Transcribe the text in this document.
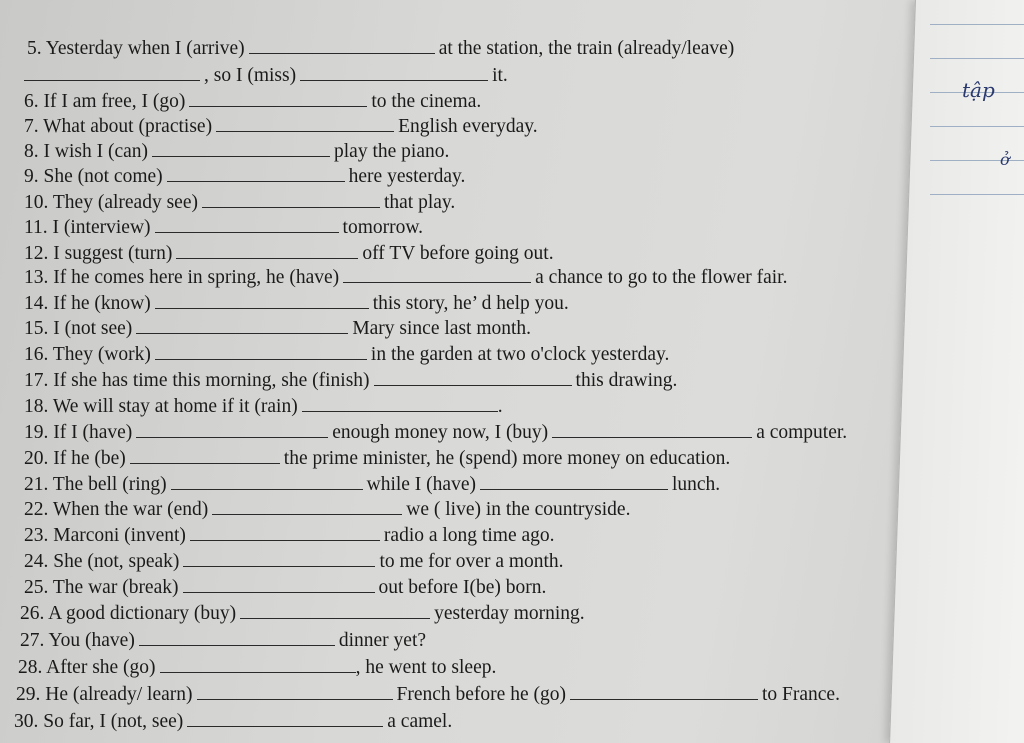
tập
ở
5. Yesterday when I (arrive)	at the station, the train (already/leave)
, so I (miss)	it.
6. If I am free, I (go)	to the cinema.
7. What about (practise)	English everyday.
8. I wish I (can)	play the piano.
9. She (not come)	here yesterday.
10. They (already see)	that play.
11. I (interview)	tomorrow.
12. I suggest (turn)	off TV before going out.
13. If he comes here in spring, he (have)	a chance to go to the flower fair.
14. If he (know)	this story, he’ d help you.
15. I (not see)	Mary since last month.
16. They (work)	in the garden at two o'clock yesterday.
17. If she has time this morning, she (finish)	this drawing.
18. We will stay at home if it (rain)	.
19. If I (have)	enough money now, I (buy)	a computer.
20. If he (be)	the prime minister, he (spend) more money on education.
21. The bell (ring)	while I (have)	lunch.
22. When the war (end)	we ( live) in the countryside.
23. Marconi (invent)	radio a long time ago.
24. She (not, speak)	to me for over a month.
25. The war (break)	out before I(be) born.
26. A good dictionary (buy)	yesterday morning.
27. You (have)	dinner yet?
28. After she (go)	, he went to sleep.
29. He (already/ learn)	French before he (go)	to France.
30. So far, I (not, see)	a camel.
